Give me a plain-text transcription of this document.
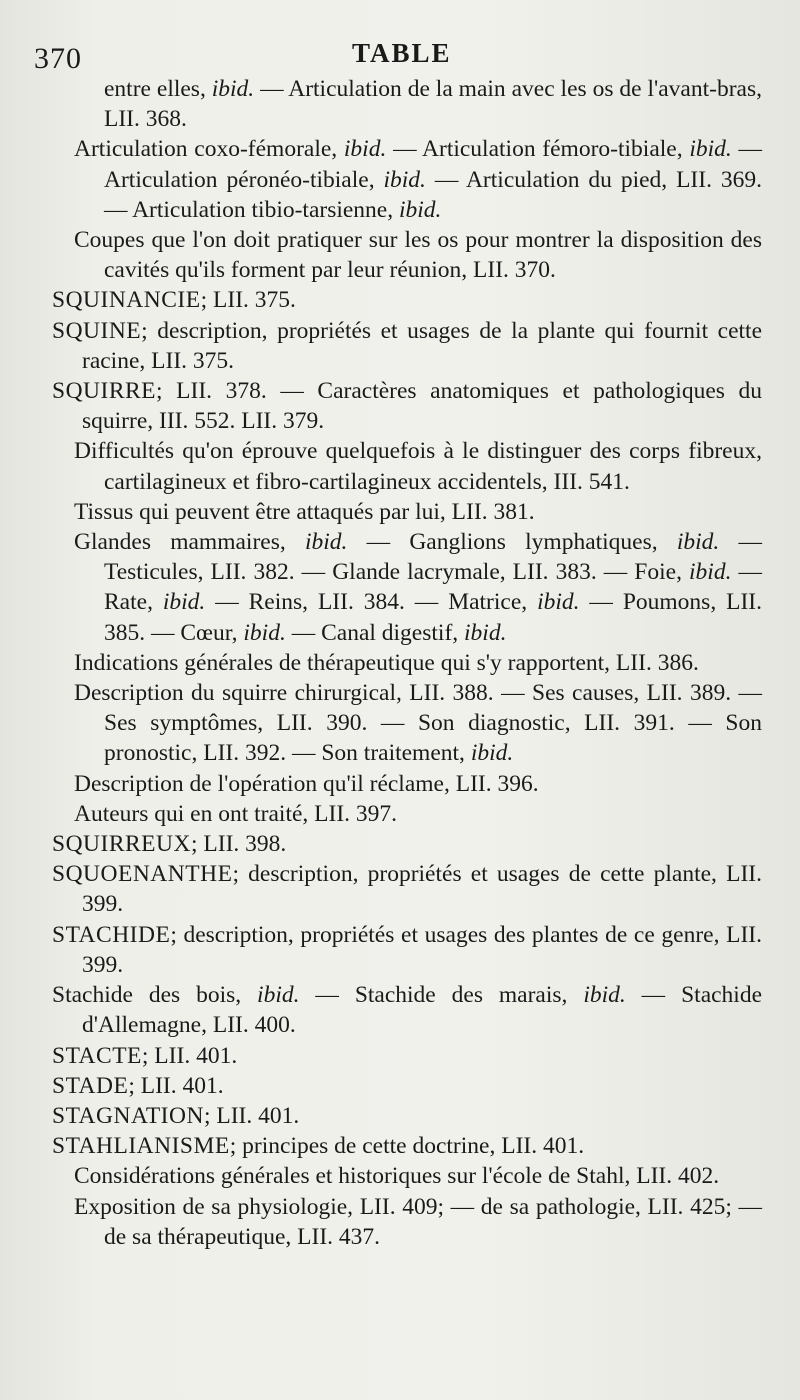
370	TABLE

entre elles, ibid. — Articulation de la main avec les os de l'avant-bras, LII. 368.

Articulation coxo-fémorale, ibid. — Articulation fémoro-tibiale, ibid. — Articulation péronéo-tibiale, ibid. — Articulation du pied, LII. 369. — Articulation tibio-tarsienne, ibid.

Coupes que l'on doit pratiquer sur les os pour montrer la disposition des cavités qu'ils forment par leur réunion, LII. 370.

SQUINANCIE; LII. 375.

SQUINE; description, propriétés et usages de la plante qui fournit cette racine, LII. 375.

SQUIRRE; LII. 378. — Caractères anatomiques et pathologiques du squirre, III. 552. LII. 379.

Difficultés qu'on éprouve quelquefois à le distinguer des corps fibreux, cartilagineux et fibro-cartilagineux accidentels, III. 541.

Tissus qui peuvent être attaqués par lui, LII. 381.

Glandes mammaires, ibid. — Ganglions lymphatiques, ibid. — Testicules, LII. 382. — Glande lacrymale, LII. 383. — Foie, ibid. — Rate, ibid. — Reins, LII. 384. — Matrice, ibid. — Poumons, LII. 385. — Cœur, ibid. — Canal digestif, ibid.

Indications générales de thérapeutique qui s'y rapportent, LII. 386.

Description du squirre chirurgical, LII. 388. — Ses causes, LII. 389. — Ses symptômes, LII. 390. — Son diagnostic, LII. 391. — Son pronostic, LII. 392. — Son traitement, ibid.

Description de l'opération qu'il réclame, LII. 396.

Auteurs qui en ont traité, LII. 397.

SQUIRREUX; LII. 398.

SQUOENANTHE; description, propriétés et usages de cette plante, LII. 399.

STACHIDE; description, propriétés et usages des plantes de ce genre, LII. 399.

Stachide des bois, ibid. — Stachide des marais, ibid. — Stachide d'Allemagne, LII. 400.

STACTE; LII. 401.

STADE; LII. 401.

STAGNATION; LII. 401.

STAHLIANISME; principes de cette doctrine, LII. 401.

Considérations générales et historiques sur l'école de Stahl, LII. 402.

Exposition de sa physiologie, LII. 409; — de sa pathologie, LII. 425; — de sa thérapeutique, LII. 437.
